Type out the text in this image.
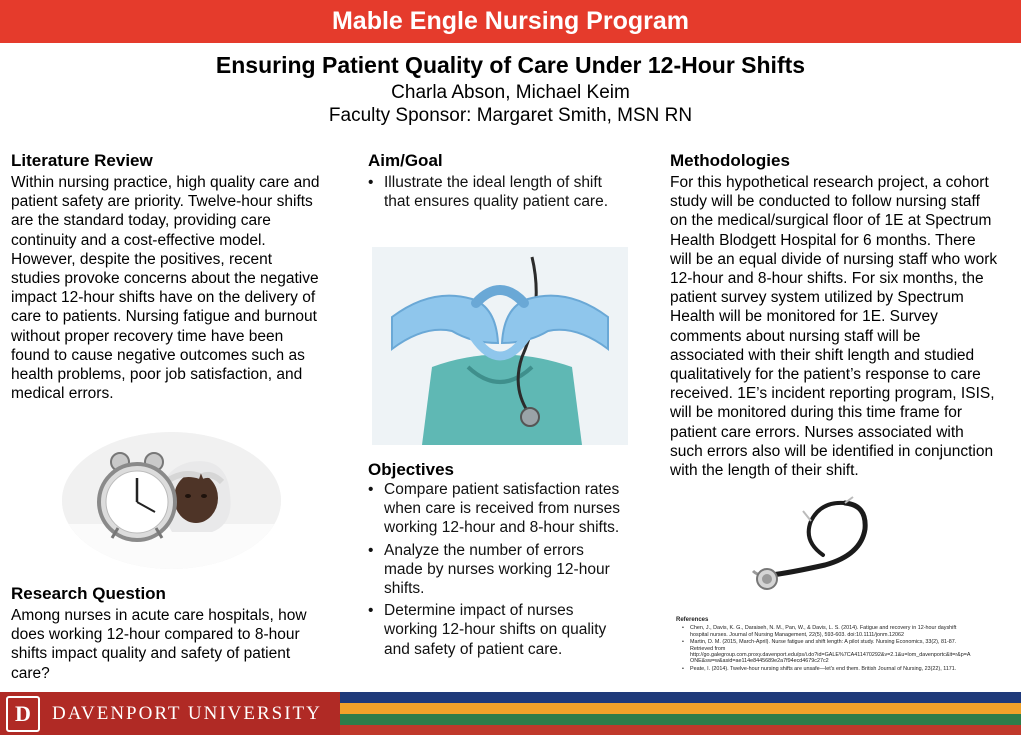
Mable Engle Nursing Program
Ensuring Patient Quality of Care Under 12-Hour Shifts
Charla Abson, Michael Keim
Faculty Sponsor: Margaret Smith, MSN RN
Literature Review
Within nursing practice, high quality care and
patient safety are priority. Twelve-hour shifts
are the standard today, providing care
continuity and a cost-effective model.
However, despite the positives, recent
studies provoke concerns about the negative
impact 12-hour shifts have on the delivery of
care to patients. Nursing fatigue and burnout
without proper recovery time have been
found to cause negative outcomes such as
health problems, poor job satisfaction, and
medical errors.
Research Question
Among nurses in acute care hospitals, how
does working 12-hour compared to 8-hour
shifts impact quality and safety of patient
care?
Aim/Goal
• Illustrate the ideal length of shift
that ensures quality patient care.
Objectives
• Compare patient satisfaction rates
when care is received from nurses
working 12-hour and 8-hour shifts.
• Analyze the number of errors
made by nurses working 12-hour
shifts.
• Determine impact of nurses
working 12-hour shifts on quality
and safety of patient care.
Methodologies
For this hypothetical research project, a cohort
study will be conducted to follow nursing staff
on the medical/surgical floor of 1E at Spectrum
Health Blodgett Hospital for 6 months. There
will be an equal divide of nursing staff who work
12-hour and 8-hour shifts. For six months, the
patient survey system utilized by Spectrum
Health will be monitored for 1E. Survey
comments about nursing staff will be
associated with their shift length and studied
qualitatively for the patient’s response to care
received. 1E’s incident reporting program, ISIS,
will be monitored during this time frame for
patient care errors. Nurses associated with
such errors also will be identified in conjunction
with the length of their shift.
References
• Chen, J., Davis, K. G., Daraiseh, N. M., Pan, W., & Davis, L. S. (2014). Fatigue and recovery in 12-hour dayshift
hospital nurses. Journal of Nursing Management, 22(5), 593-603. doi:10.1111/jonm.12062
• Martin, D. M. (2015, March-April). Nurse fatigue and shift length: A pilot study. Nursing Economics, 33(2), 81-87.
Retrieved from
http://go.galegroup.com.proxy.davenport.edu/ps/i.do?id=GALE%7CA411470292&v=2.1&u=lom_davenportc&it=r&p=A
ONE&sw=w&asid=ae114e8445689e2a7f94ecd4679c27c2
• Peate, I. (2014). Twelve-hour nursing shifts are unsafe—let's end them. British Journal of Nursing, 23(22), 1171.
D	DAVENPORT UNIVERSITY
